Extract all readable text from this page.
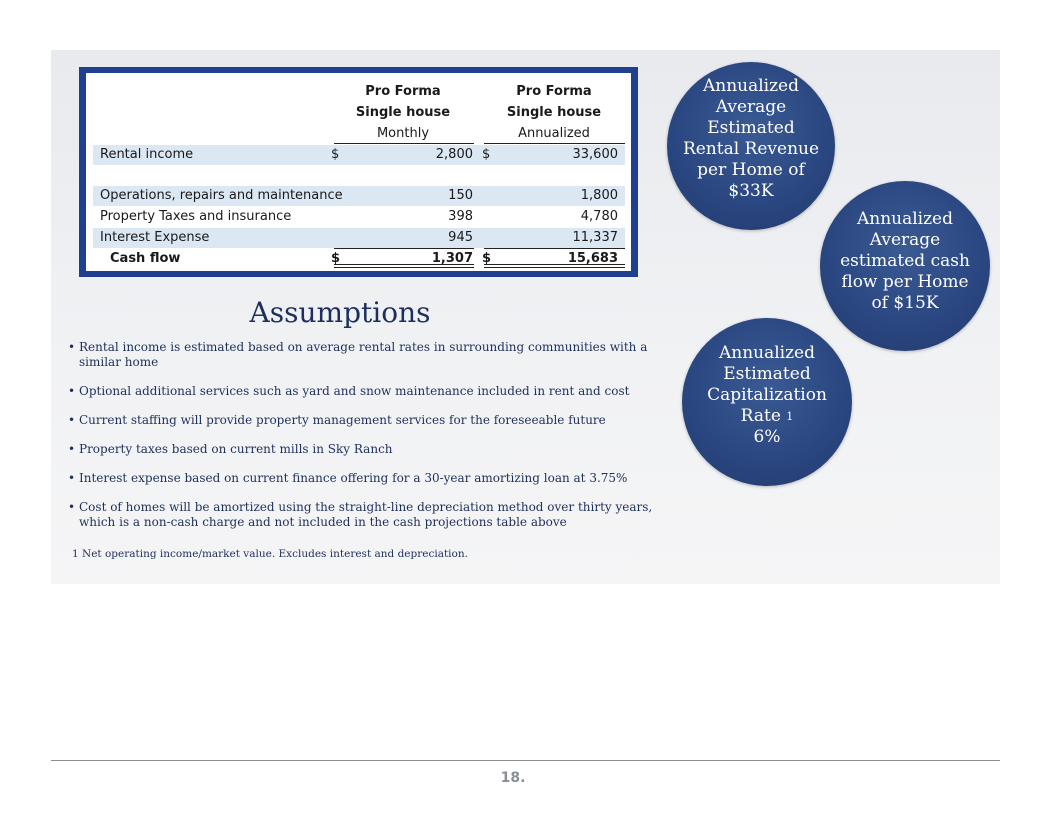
Pro Forma
Single house
Monthly
Pro Forma
Single house
Annualized
Rental income	$	2,800 $	33,600
Operations, repairs and maintenance	150	1,800
Property Taxes and insurance	398	4,780
Interest Expense	945	11,337
Cash flow	$	1,307 $	15,683
Annualized
Average
Estimated
Rental Revenue
per Home of
$33K
Annualized
Average
estimated cash
flow per Home
of $15K
Annualized
Estimated
Capitalization
Rate 1
6%
Assumptions
• Rental income is estimated based on average rental rates in surrounding communities with a similar home
• Optional additional services such as yard and snow maintenance included in rent and cost
• Current staffing will provide property management services for the foreseeable future
• Property taxes based on current mills in Sky Ranch
• Interest expense based on current finance offering for a 30-year amortizing loan at 3.75%
• Cost of homes will be amortized using the straight-line depreciation method over thirty years, which is a non-cash charge and not included in the cash projections table above
1 Net operating income/market value. Excludes interest and depreciation.
18.
